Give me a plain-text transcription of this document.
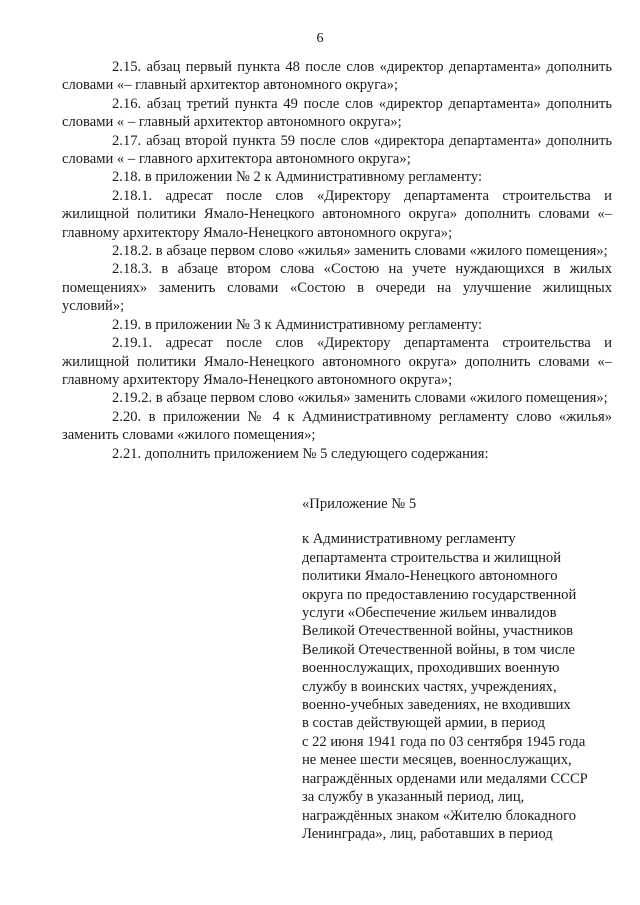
6

2.15. абзац первый пункта 48 после слов «директор департамента» дополнить словами «– главный архитектор автономного округа»;

2.16. абзац третий пункта 49 после слов «директор департамента» дополнить словами « – главный архитектор автономного округа»;

2.17. абзац второй пункта 59 после слов «директора департамента» дополнить словами « – главного архитектора автономного округа»;

2.18. в приложении № 2 к Административному регламенту:

2.18.1. адресат после слов «Директору департамента строительства и жилищной политики Ямало-Ненецкого автономного округа» дополнить словами «– главному архитектору Ямало-Ненецкого автономного округа»;

2.18.2. в абзаце первом слово «жилья» заменить словами «жилого помещения»;

2.18.3. в абзаце втором слова «Состою на учете нуждающихся в жилых помещениях» заменить словами «Состою в очереди на улучшение жилищных условий»;

2.19. в приложении № 3 к Административному регламенту:

2.19.1. адресат после слов «Директору департамента строительства и жилищной политики Ямало-Ненецкого автономного округа» дополнить словами «– главному архитектору Ямало-Ненецкого автономного округа»;

2.19.2. в абзаце первом слово «жилья» заменить словами «жилого помещения»;

2.20. в приложении № 4 к Административному регламенту слово «жилья» заменить словами «жилого помещения»;

2.21. дополнить приложением № 5 следующего содержания:

«Приложение № 5

к Административному регламенту
департамента строительства и жилищной
политики Ямало-Ненецкого автономного
округа по предоставлению государственной
услуги «Обеспечение жильем инвалидов
Великой Отечественной войны, участников
Великой Отечественной войны, в том числе
военнослужащих, проходивших военную
службу в воинских частях, учреждениях,
военно-учебных заведениях, не входивших
в состав действующей армии, в период
с 22 июня 1941 года по 03 сентября 1945 года
не менее шести месяцев, военнослужащих,
награждённых орденами или медалями СССР
за службу в указанный период, лиц,
награждённых знаком «Жителю блокадного
Ленинграда», лиц, работавших в период
